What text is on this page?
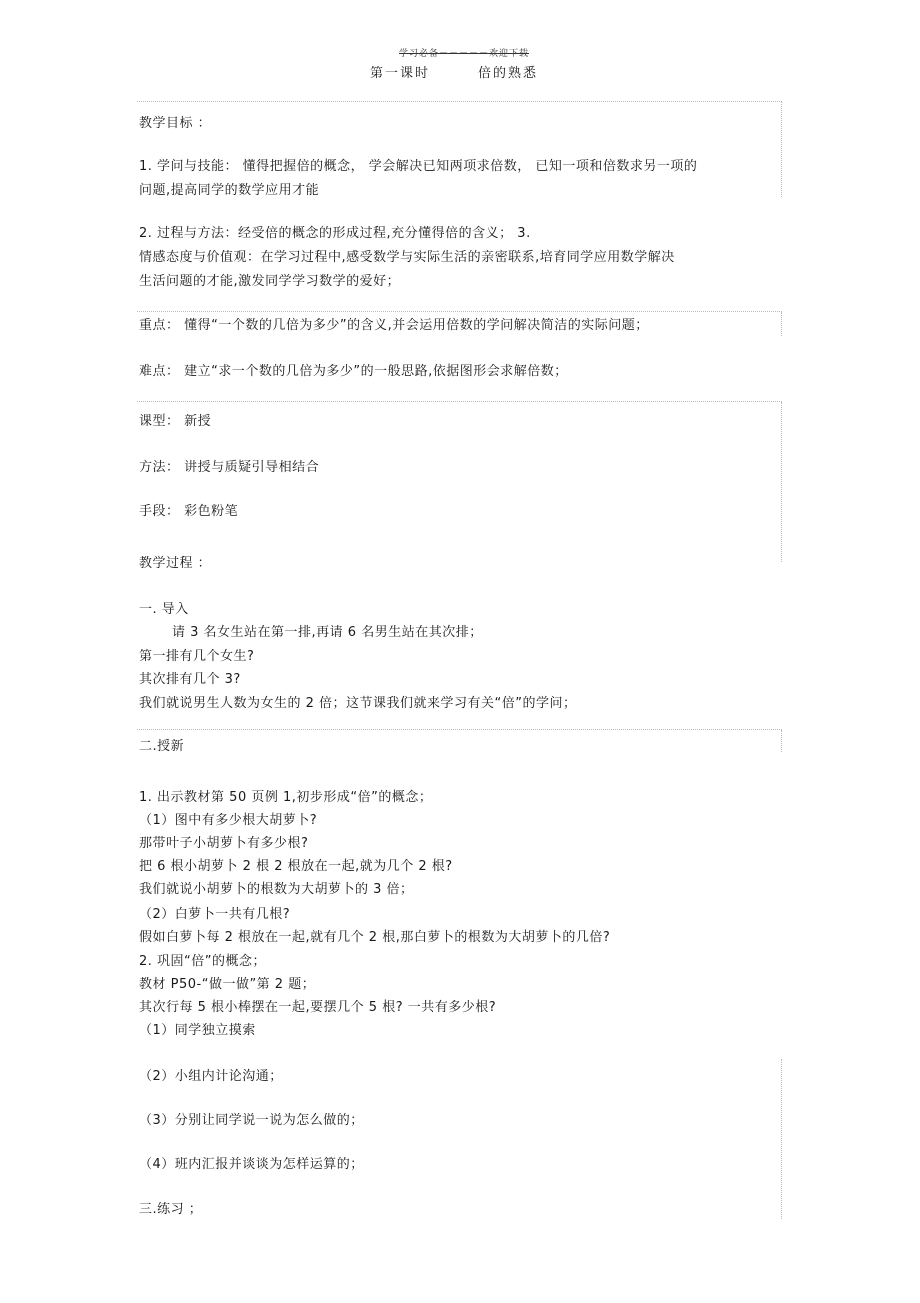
学习必备－－－－－欢迎下载
第一课时	倍的熟悉
教学目标 ：
1. 学问与技能： 懂得把握倍的概念， 学会解决已知两项求倍数， 已知一项和倍数求另一项的
问题,提高同学的数学应用才能
2. 过程与方法：经受倍的概念的形成过程,充分懂得倍的含义； 3.
情感态度与价值观：在学习过程中,感受数学与实际生活的亲密联系,培育同学应用数学解决
生活问题的才能,激发同学学习数学的爱好；
重点： 懂得“一个数的几倍为多少”的含义,并会运用倍数的学问解决简洁的实际问题；
难点： 建立“求一个数的几倍为多少”的一般思路,依据图形会求解倍数；
课型： 新授
方法： 讲授与质疑引导相结合
手段： 彩色粉笔
教学过程 ：
一. 导入
请 3 名女生站在第一排,再请 6 名男生站在其次排；
第一排有几个女生?
其次排有几个 3?
我们就说男生人数为女生的 2 倍；这节课我们就来学习有关“倍”的学问；
二.授新
1. 出示教材第 50 页例 1,初步形成“倍”的概念；
（1）图中有多少根大胡萝卜?
那带叶子小胡萝卜有多少根?
把 6 根小胡萝卜 2 根 2 根放在一起,就为几个 2 根?
我们就说小胡萝卜的根数为大胡萝卜的 3 倍；
（2）白萝卜一共有几根?
假如白萝卜每 2 根放在一起,就有几个 2 根,那白萝卜的根数为大胡萝卜的几倍?
2. 巩固“倍”的概念；
教材 P50-“做一做”第 2 题；
其次行每 5 根小棒摆在一起,要摆几个 5 根? 一共有多少根?
（1）同学独立摸索
（2）小组内计论沟通；
（3）分别让同学说一说为怎么做的；
（4）班内汇报并谈谈为怎样运算的；
三.练习 ；
